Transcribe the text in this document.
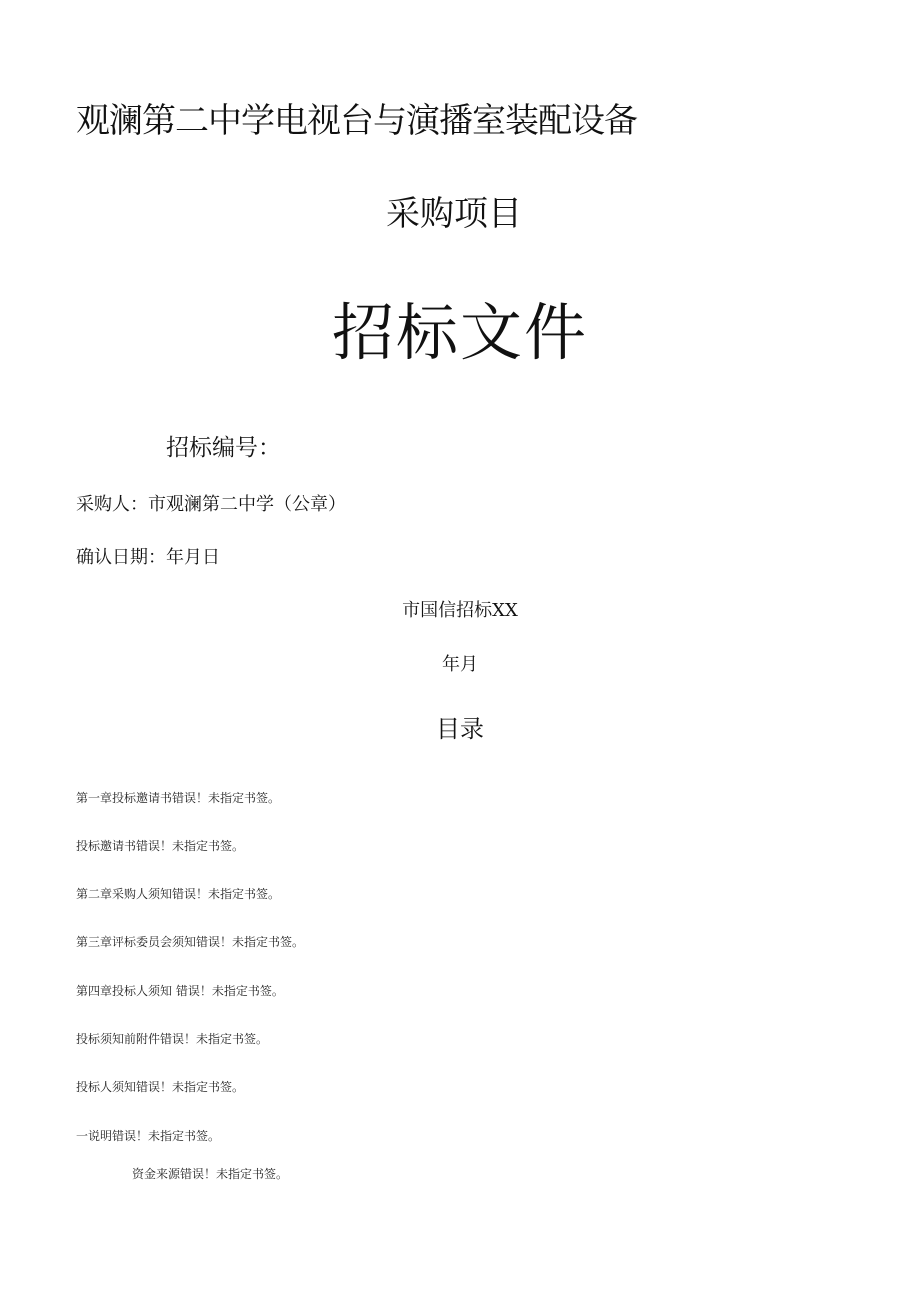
观澜第二中学电视台与演播室装配设备
采购项目
招标文件
招标编号：
采购人：市观澜第二中学（公章）
确认日期：年月日
市国信招标XX
年月
目录
第一章投标邀请书错误！未指定书签。
投标邀请书错误！未指定书签。
第二章采购人须知错误！未指定书签。
第三章评标委员会须知错误！未指定书签。
第四章投标人须知 错误！未指定书签。
投标须知前附件错误！未指定书签。
投标人须知错误！未指定书签。
一说明错误！未指定书签。
资金来源错误！未指定书签。
